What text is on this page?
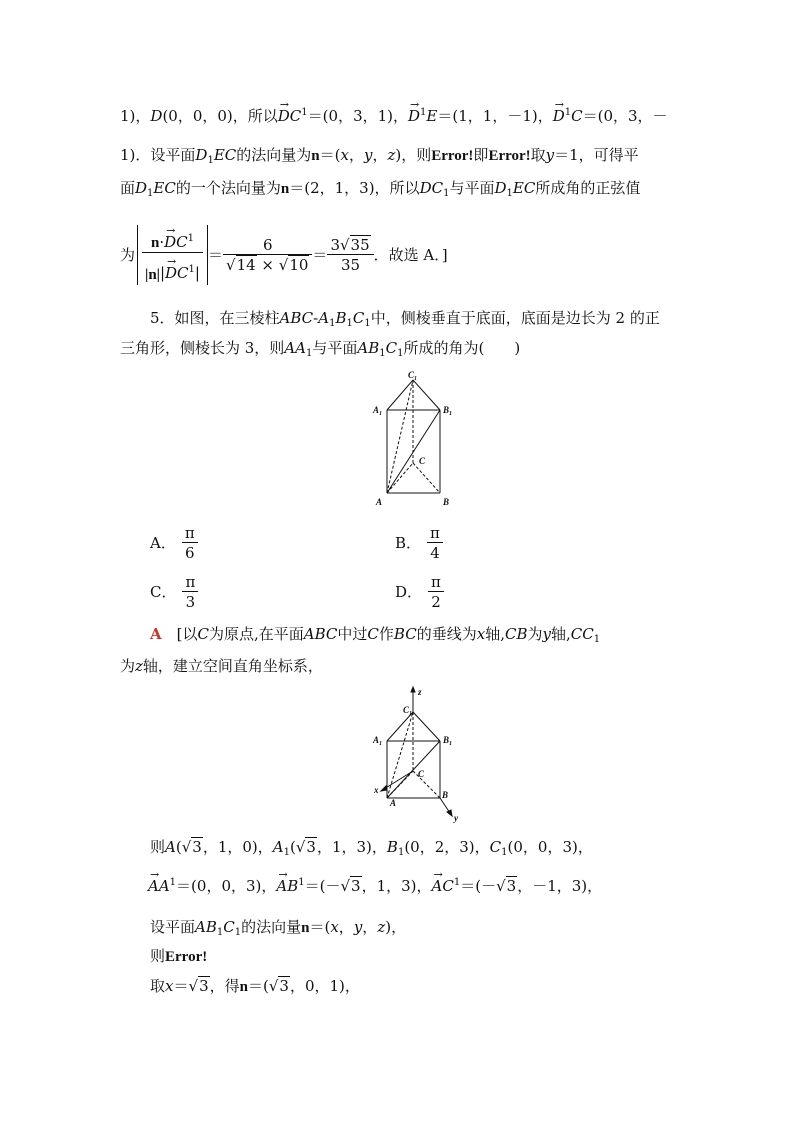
1)，D(0，0，0)，所以→ $DC^1=(0$，3，1)，→ $D^1E=(1$，1，－1)，→ $D^1C=(0$，3，－
1)．设平面$D_1EC$的法向量为n＝(x，y，z)，则Error!即Error!取y＝1，可得平
面$D_1EC$的一个法向量为n＝(2，1，3)，所以$DC_1$与平面$D_1EC$所成角的正弦值
为 $\frac{n\cdot\to DC^1}{|n||\to DC^1|} = \frac{6}{√14 \times √10} = \frac{3√35}{35}$ ．故选 A．]
5．如图，在三棱柱ABC-$A_1B_1C_1$中，侧棱垂直于底面，底面是边长为 2 的正
三角形，侧棱长为 3，则$AA_1$与平面$AB_1C_1$所成的角为(　　)
$C_1$
$A_1$	$B_1$
C
A	B
A． $\frac{\pi}{6}$	B． $\frac{\pi}{4}$
C． $\frac{\pi}{3}$	D． $\frac{\pi}{2}$
A　 [以C为原点,在平面ABC中过C作BC的垂线为x轴,CB为y轴$,CC_1$
为z轴，建立空间直角坐标系，
z
x
y
$C_1$
$A_1$	$B_1$
C
A
B
则A(√3，1，0)，$A_1(√3$，1，3)，$B_1(0$，2，3)，$C_1(0$，0，3)，
→ $AA^1=(0$，0，3)，→ $AB^1=(-√3$，1，3)，→ $AC^1=(-√3$，－1，3)，
设平面$AB_1C_1$的法向量n＝(x，y，z)，
则Error!
取x＝√3，得n＝(√3，0，1)，
